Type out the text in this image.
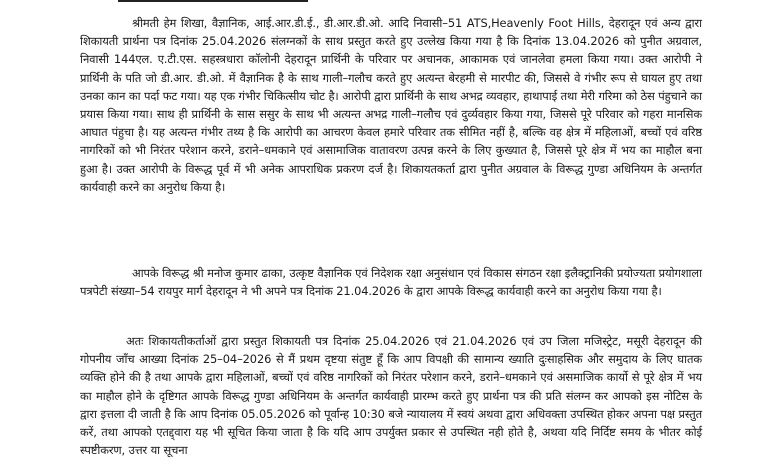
श्रीमती हेम शिखा, वैज्ञानिक, आई.आर.डी.ई., डी.आर.डी.ओ. आदि निवासी–51 ATS,Heavenly Foot Hills, देहरादून एवं अन्य द्वारा शिकायती प्रार्थना पत्र दिनांक 25.04.2026 संलग्नकों के साथ प्रस्तुत करते हुए उल्लेख किया गया है कि दिनांक 13.04.2026 को पुनीत अग्रवाल, निवासी 144एल. ए.टी.एस. सहस्त्रधारा कॉलोनी देहरादून प्रार्थिनी के परिवार पर अचानक, आकामक एवं जानलेवा हमला किया गया। उक्त आरोपी ने प्रार्थिनी के पति जो डी.आर. डी.ओ. में वैज्ञानिक है के साथ गाली–गलौच करते हुए अत्यन्त बेरहमी से मारपीट की, जिससे वे गंभीर रूप से घायल हुए तथा उनका कान का पर्दा फट गया। यह एक गंभीर चिकित्सीय चोट है। आरोपी द्वारा प्रार्थिनी के साथ अभद्र व्यवहार, हाथापाई तथा मेरी गरिमा को ठेस पंहुचाने का प्रयास किया गया। साथ ही प्रार्थिनी के सास ससुर के साथ भी अत्यन्त अभद्र गाली–गलौच एवं दुर्व्यवहार किया गया, जिससे पूरे परिवार को गहरा मानसिक आघात पंहुचा है। यह अत्यन्त गंभीर तथ्य है कि आरोपी का आचरण केवल हमारे परिवार तक सीमित नहीं है, बल्कि वह क्षेत्र में महिलाओं, बच्चों एवं वरिष्ठ नागरिकों को भी निरंतर परेशान करने, डराने–धमकाने एवं असामाजिक वातावरण उत्पन्न करने के लिए कुख्यात है, जिससे पूरे क्षेत्र में भय का माहौल बना हुआ है। उक्त आरोपी के विरूद्ध पूर्व में भी अनेक आपराधिक प्रकरण दर्ज है। शिकायतकर्ता द्वारा पुनीत अग्रवाल के विरूद्ध गुण्डा अधिनियम के अन्तर्गत कार्यवाही करने का अनुरोध किया है।

आपके विरूद्ध श्री मनोज कुमार ढाका, उत्कृष्ट वैज्ञानिक एवं निदेशक रक्षा अनुसंधान एवं विकास संगठन रक्षा इलैक्ट्रानिकी प्रयोज्यता प्रयोगशाला पत्रपेटी संख्या–54 रायपुर मार्ग देहरादून ने भी अपने पत्र दिनांक 21.04.2026 के द्वारा आपके विरूद्ध कार्यवाही करने का अनुरोध किया गया है।

अतः शिकायतीकर्ताओं द्वारा प्रस्तुत शिकायती पत्र दिनांक 25.04.2026 एवं 21.04.2026 एवं उप जिला मजिस्ट्रेट, मसूरी देहरादून की गोपनीय जाँच आख्या दिनांक 25–04–2026 से मैं प्रथम दृष्टया संतुष्ट हूँ कि आप विपक्षी की सामान्य ख्याति दुःसाहसिक और समुदाय के लिए घातक व्यक्ति होने की है तथा आपके द्वारा महिलाओं, बच्चों एवं वरिष्ठ नागरिकों को निरंतर परेशान करने, डराने–धमकाने एवं असमाजिक कार्यो से पूरे क्षेत्र में भय का माहौल होने के दृष्टिगत आपके विरूद्ध गुण्डा अधिनियम के अन्तर्गत कार्यवाही प्रारम्भ करते हुए प्रार्थना पत्र की प्रति संलग्न कर आपको इस नोटिस के द्वारा इत्तला दी जाती है कि आप दिनांक 05.05.2026 को पूर्वान्ह 10:30 बजे न्यायालय में स्वयं अथवा द्वारा अधिवक्ता उपस्थित होकर अपना पक्ष प्रस्तुत करें, तथा आपको एतद्द्वारा यह भी सूचित किया जाता है कि यदि आप उपर्युक्त प्रकार से उपस्थित नही होते है, अथवा यदि निर्दिष्ट समय के भीतर कोई स्पष्टीकरण, उत्तर या सूचना
